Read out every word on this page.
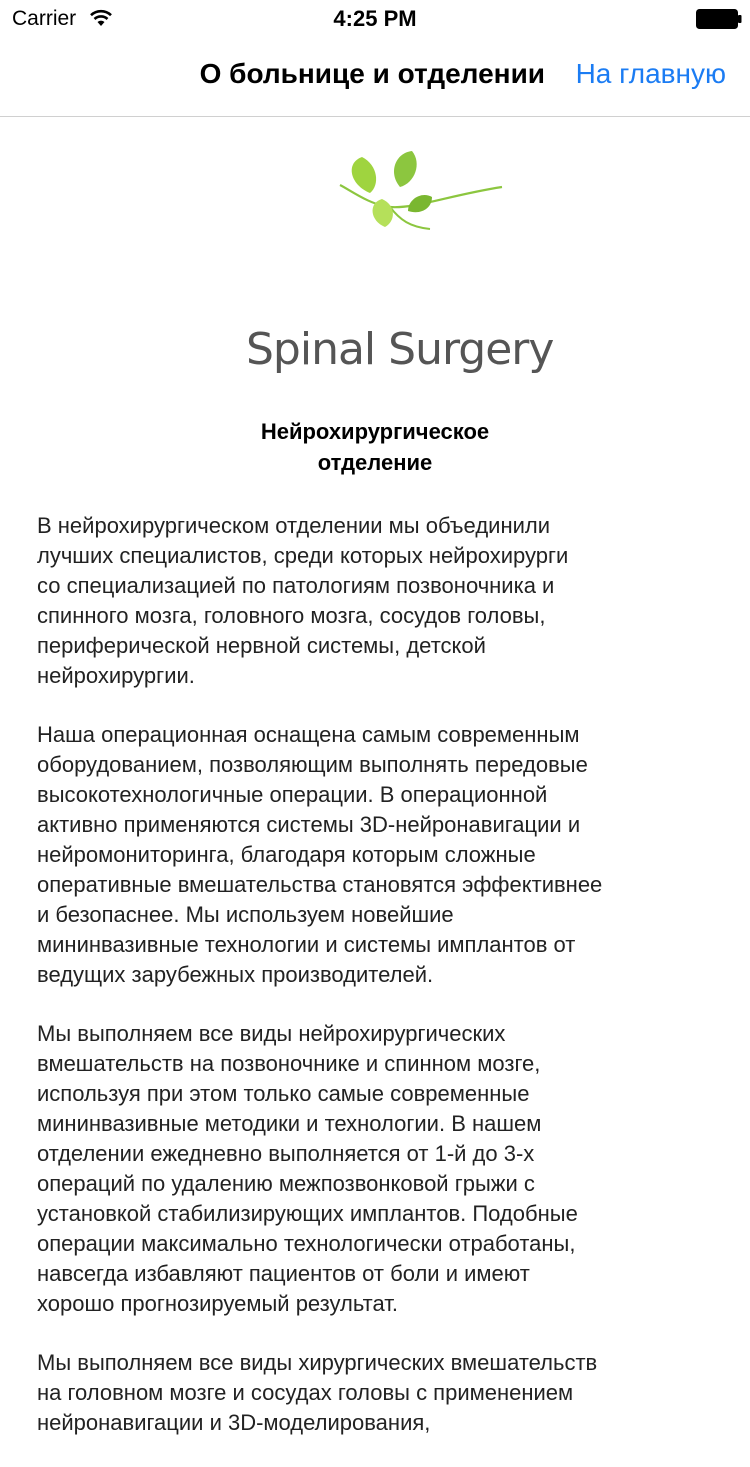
Carrier	4:25 PM
О больнице и отделении На главную
Spinal Surgery
Нейрохирургическое
отделение

В нейрохирургическом отделении мы объединили
лучших специалистов, среди которых нейрохирурги
со специализацией по патологиям позвоночника и
спинного мозга, головного мозга, сосудов головы,
периферической нервной системы, детской
нейрохирургии.

Наша операционная оснащена самым современным
оборудованием, позволяющим выполнять передовые
высокотехнологичные операции. В операционной
активно применяются системы 3D-нейронавигации и
нейромониторинга, благодаря которым сложные
оперативные вмешательства становятся эффективнее
и безопаснее. Мы используем новейшие
мининвазивные технологии и системы имплантов от
ведущих зарубежных производителей.

Мы выполняем все виды нейрохирургических
вмешательств на позвоночнике и спинном мозге,
используя при этом только самые современные
мининвазивные методики и технологии. В нашем
отделении ежедневно выполняется от 1-й до 3-х
операций по удалению межпозвонковой грыжи с
установкой стабилизирующих имплантов. Подобные
операции максимально технологически отработаны,
навсегда избавляют пациентов от боли и имеют
хорошо прогнозируемый результат.

Мы выполняем все виды хирургических вмешательств
на головном мозге и сосудах головы с применением
нейронавигации и 3D-моделирования,
